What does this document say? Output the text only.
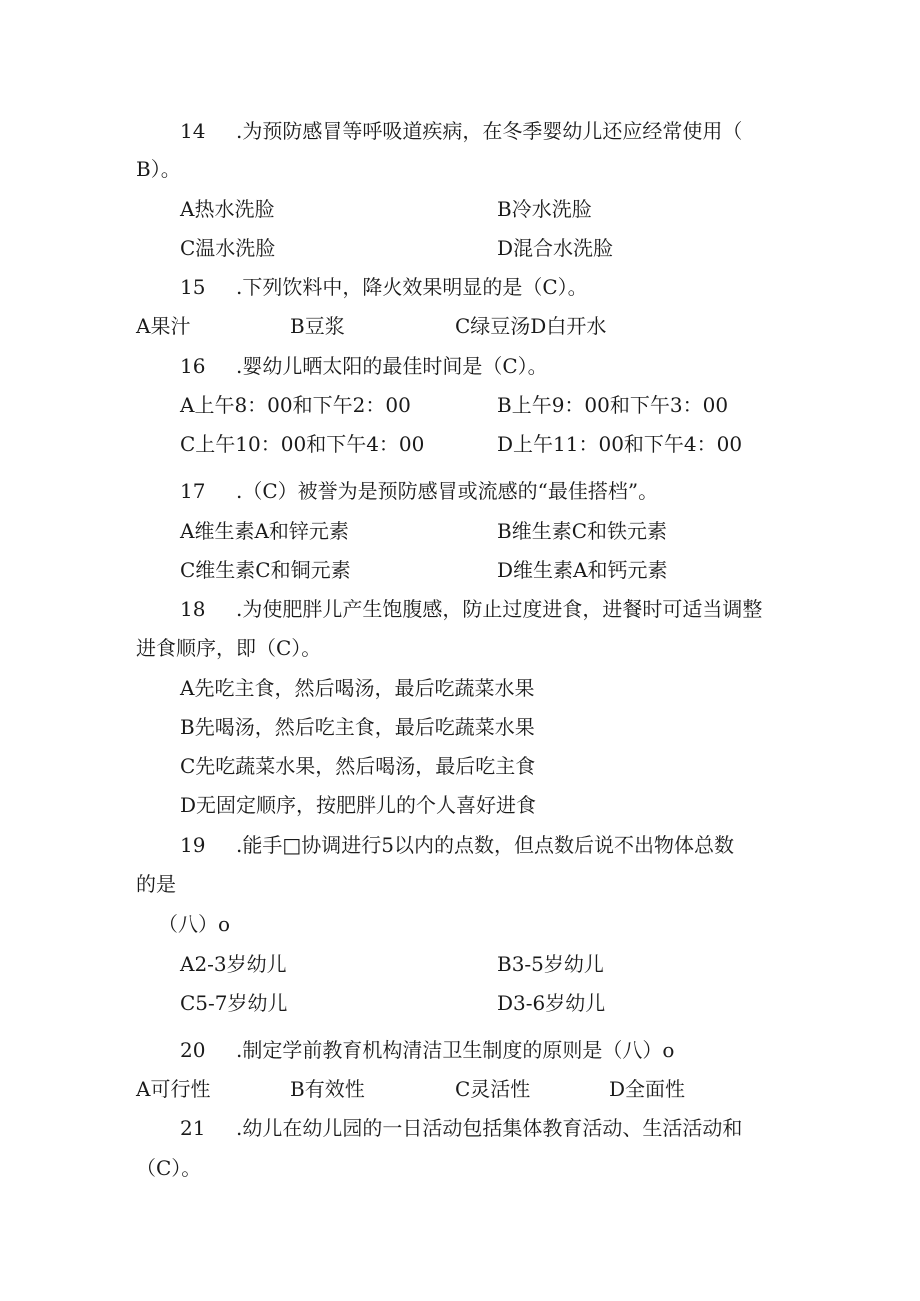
14 .为预防感冒等呼吸道疾病，在冬季婴幼儿还应经常使用（
B）。
A热水洗脸	B冷水洗脸
C温水洗脸	D混合水洗脸
15 .下列饮料中，降火效果明显的是（C）。
A果汁	B豆浆	C绿豆汤D白开水
16 .婴幼儿晒太阳的最佳时间是（C）。
A上午8：00和下午2：00	B上午9：00和下午3：00
C上午10：00和下午4：00	D上午11：00和下午4：00
17 .（C）被誉为是预防感冒或流感的“最佳搭档”。
A维生素A和锌元素	B维生素C和铁元素
C维生素C和铜元素	D维生素A和钙元素
18 .为使肥胖儿产生饱腹感，防止过度进食，进餐时可适当调整
进食顺序，即（C）。
A先吃主食，然后喝汤，最后吃蔬菜水果
B先喝汤，然后吃主食，最后吃蔬菜水果
C先吃蔬菜水果，然后喝汤，最后吃主食
D无固定顺序，按肥胖儿的个人喜好进食
19 .能手□协调进行5以内的点数，但点数后说不出物体总数
的是
（八）o
A2-3岁幼儿	B3-5岁幼儿
C5-7岁幼儿	D3-6岁幼儿
20 .制定学前教育机构清洁卫生制度的原则是（八）o
A可行性	B有效性	C灵活性	D全面性
21 .幼儿在幼儿园的一日活动包括集体教育活动、生活活动和
（C）。
